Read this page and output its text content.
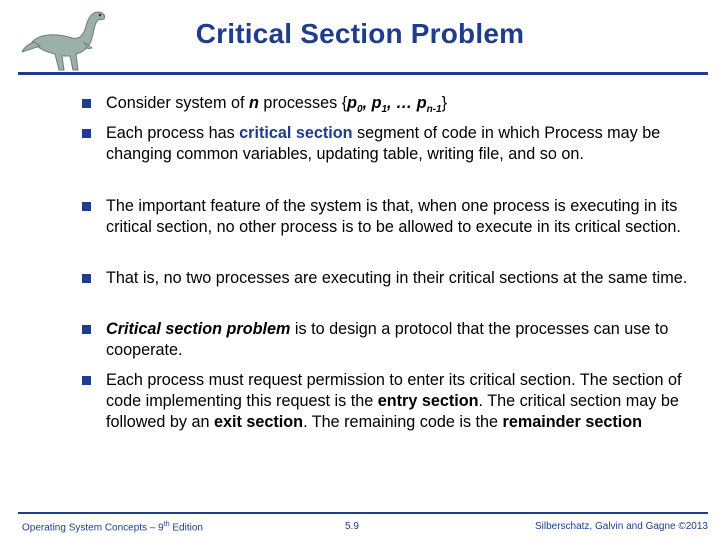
Critical Section Problem

Consider system of n processes {$p_0$, $p_1$, … $p_{n-1}$}

Each process has critical section segment of code in which Process may be changing common variables, updating table, writing file, and so on.

The important feature of the system is that, when one process is executing in its critical section, no other process is to be allowed to execute in its critical section.

That is, no two processes are executing in their critical sections at the same time.

Critical section problem is to design a protocol that the processes can use to cooperate.

Each process must request permission to enter its critical section. The section of code implementing this request is the entry section. The critical section may be followed by an exit section. The remaining code is the remainder section

Operating System Concepts – 9th Edition	5.9	Silberschatz, Galvin and Gagne ©2013
